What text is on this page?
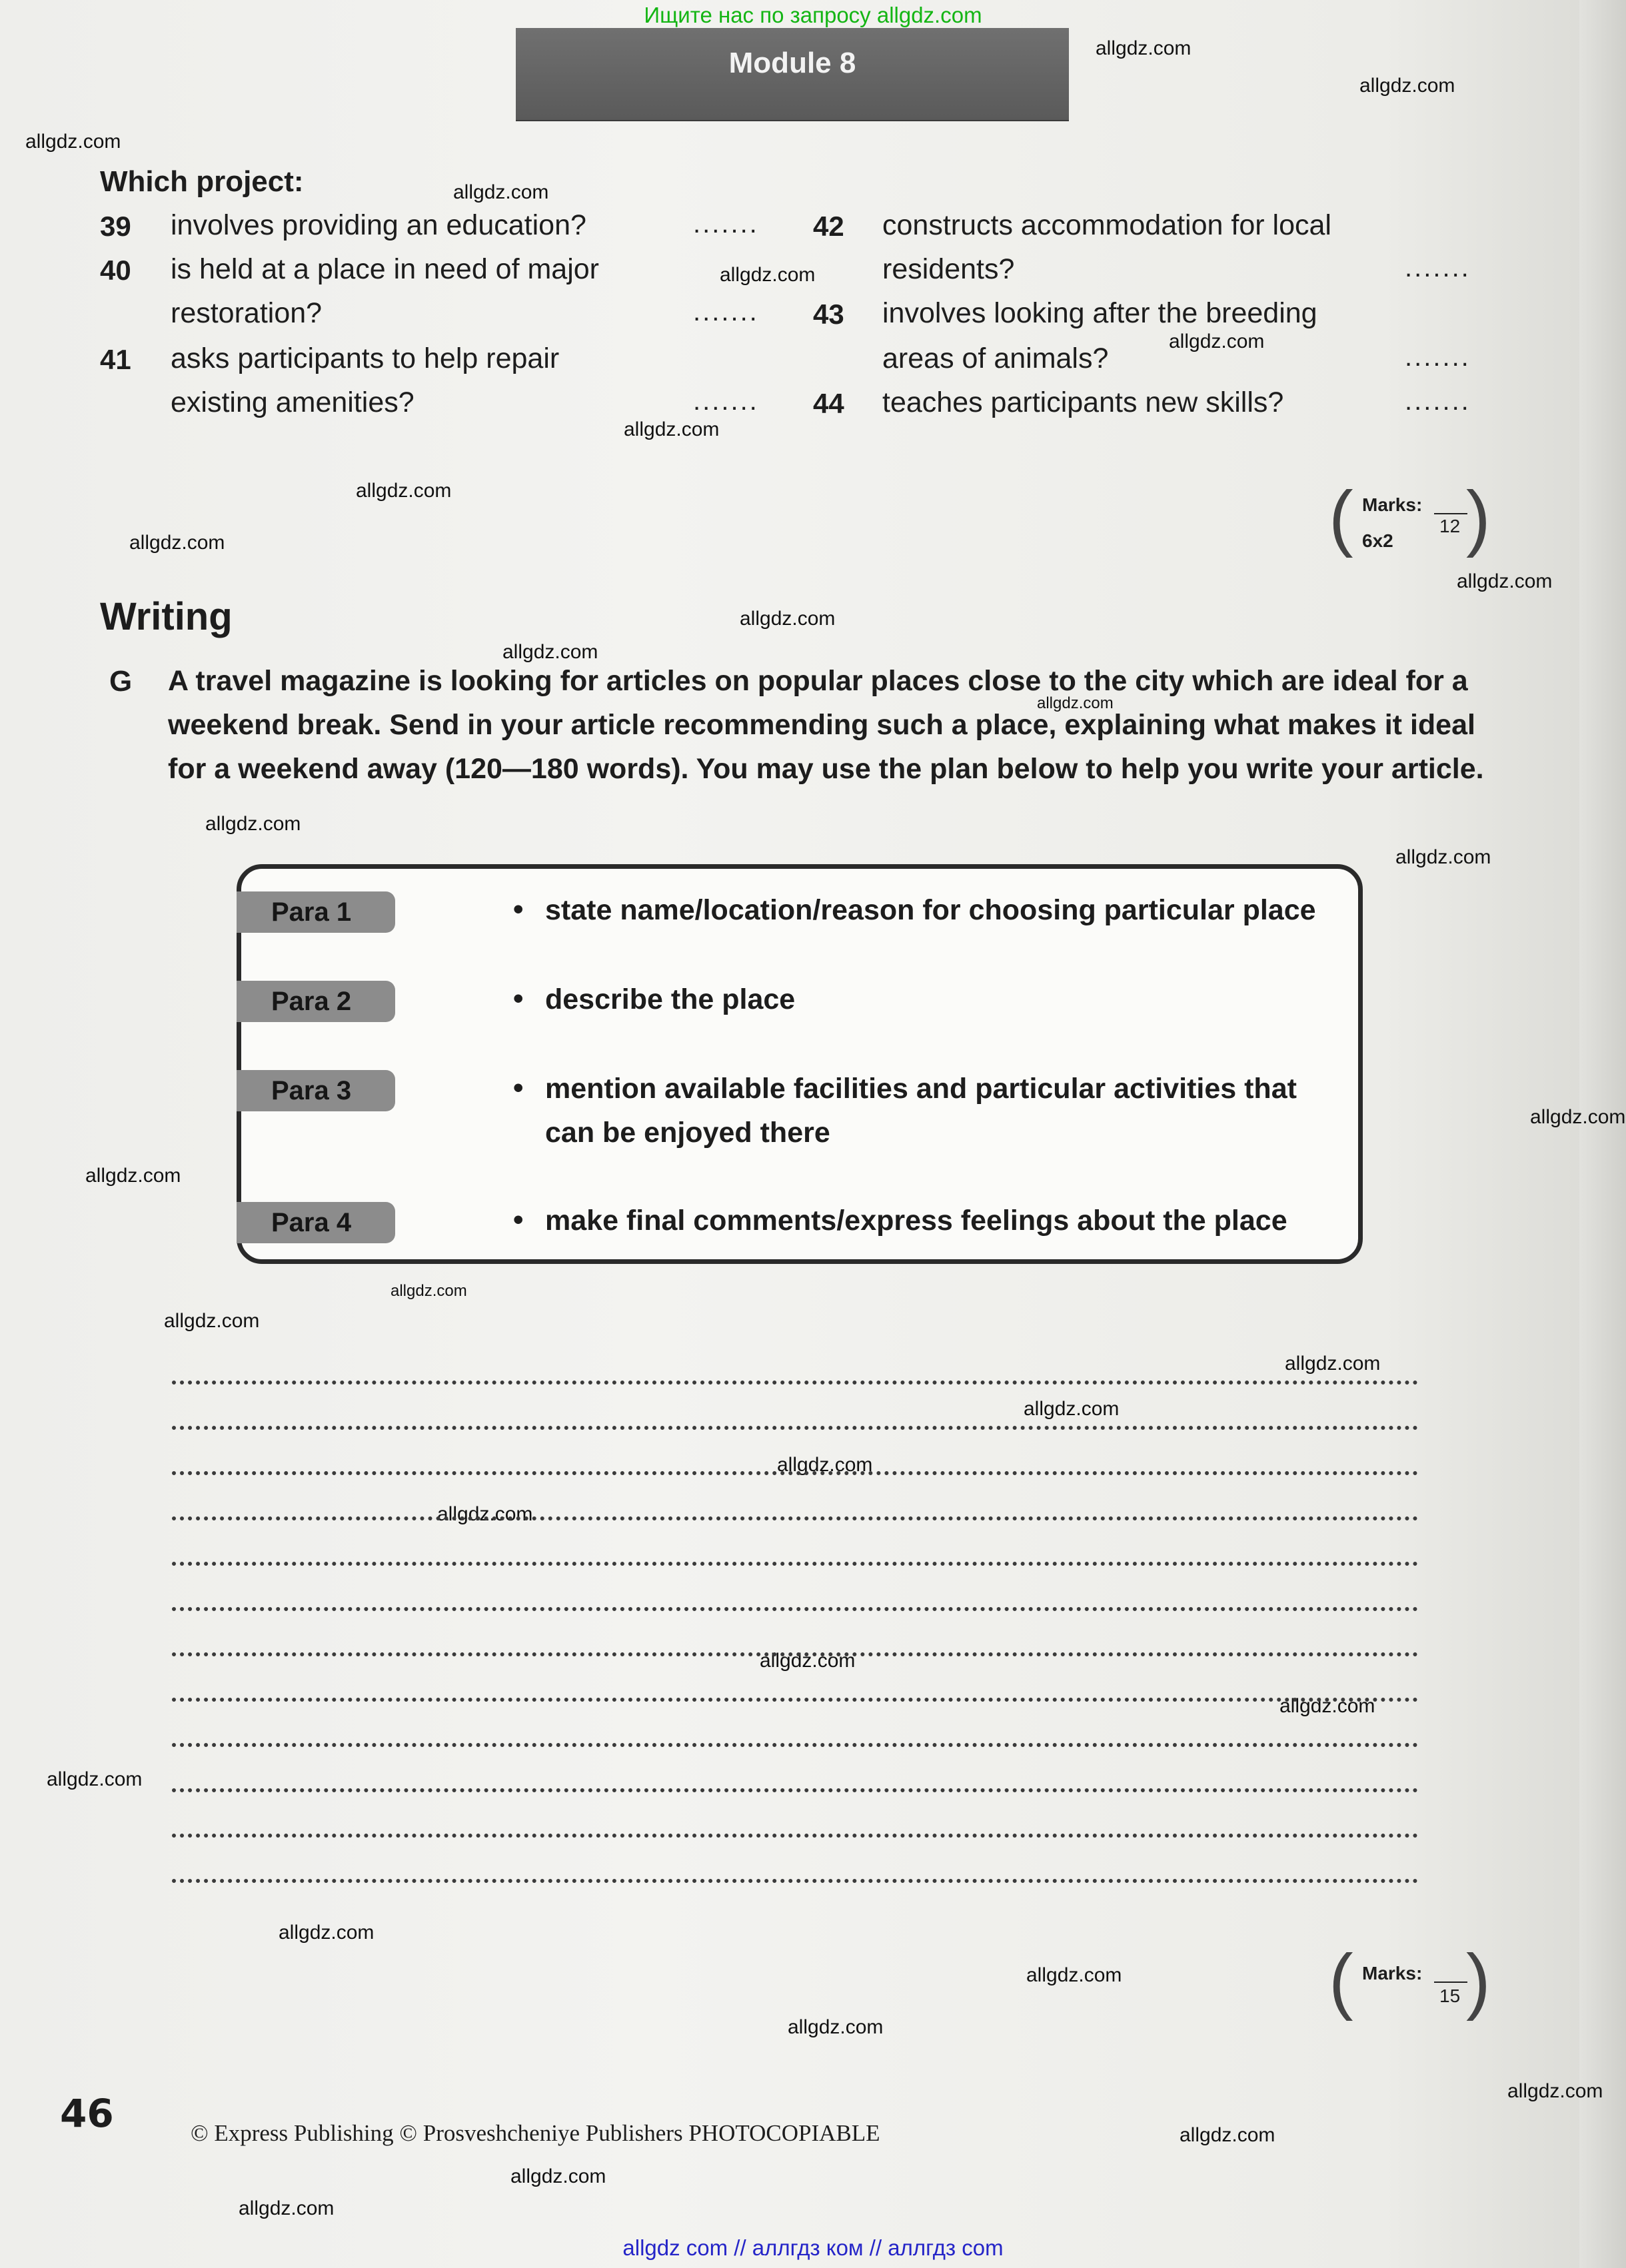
Ищите нас по запросу allgdz.com
Module 8	allgdz.com
allgdz.com
allgdz.com
allgdz.com
allgdz.com
allgdz.com
allgdz.com
allgdz.com
allgdz.com
allgdz.com
allgdz.com
allgdz.com
allgdz.com
allgdz.com
allgdz.com
allgdz.com
allgdz.com
allgdz.com
allgdz.com
allgdz.com
allgdz.com
allgdz.com
allgdz.com
allgdz.com
allgdz.com
allgdz.com
allgdz.com
allgdz.com
allgdz.com
allgdz.com
allgdz.com
allgdz.com
allgdz.com
Which project:
39 involves providing an education?	.......
40 is held at a place in need of major
restoration?	.......
41 asks participants to help repair
existing amenities?	.......
42 constructs accommodation for local
residents?	.......
43 involves looking after the breeding
areas of animals?	.......
44 teaches participants new skills?	.......
( Marks:
12
6x2 )
Writing
G A travel magazine is looking for articles on popular places close to the city which are ideal for a
weekend break. Send in your article recommending such a place, explaining what makes it ideal
for a weekend away (120—180 words). You may use the plan below to help you write your article.
Para 1	• state name/location/reason for choosing particular place
Para 2	• describe the place
Para 3	• mention available facilities and particular activities that
can be enjoyed there
Para 4	• make final comments/express feelings about the place
( Marks:
15 )
46	© Express Publishing © Prosveshcheniye Publishers PHOTOCOPIABLE
allgdz com // аллгдз ком // аллгдз com
